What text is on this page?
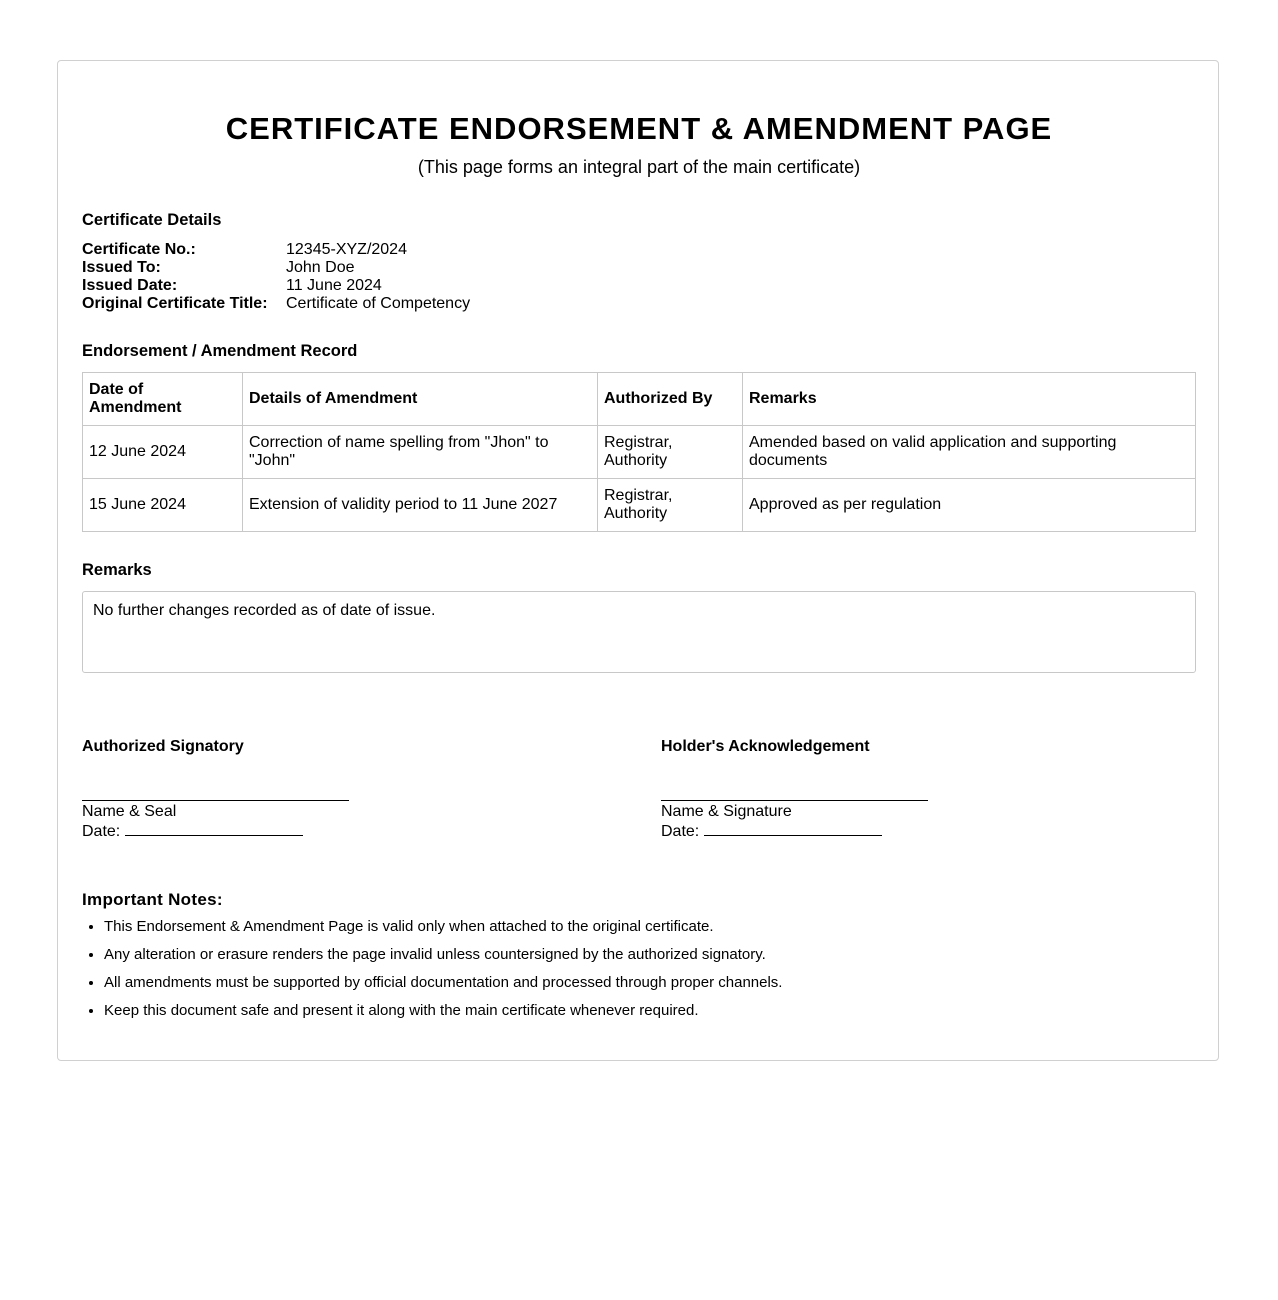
CERTIFICATE ENDORSEMENT & AMENDMENT PAGE

(This page forms an integral part of the main certificate)

Certificate Details
Certificate No.:	12345-XYZ/2024
Issued To:	John Doe
Issued Date:	11 June 2024
Original Certificate Title:	Certificate of Competency
Endorsement / Amendment Record
Date of Amendment	Details of Amendment	Authorized By	Remarks
12 June 2024	Correction of name spelling from "Jhon" to "John"	Registrar, Authority	Amended based on valid application and supporting documents
15 June 2024	Extension of validity period to 11 June 2027	Registrar, Authority	Approved as per regulation
Remarks
No further changes recorded as of date of issue.
Authorized Signatory
Name & Seal
Date:
Holder's Acknowledgement
Name & Signature
Date:
Important Notes:
• This Endorsement & Amendment Page is valid only when attached to the original certificate.
• Any alteration or erasure renders the page invalid unless countersigned by the authorized signatory.
• All amendments must be supported by official documentation and processed through proper channels.
• Keep this document safe and present it along with the main certificate whenever required.
